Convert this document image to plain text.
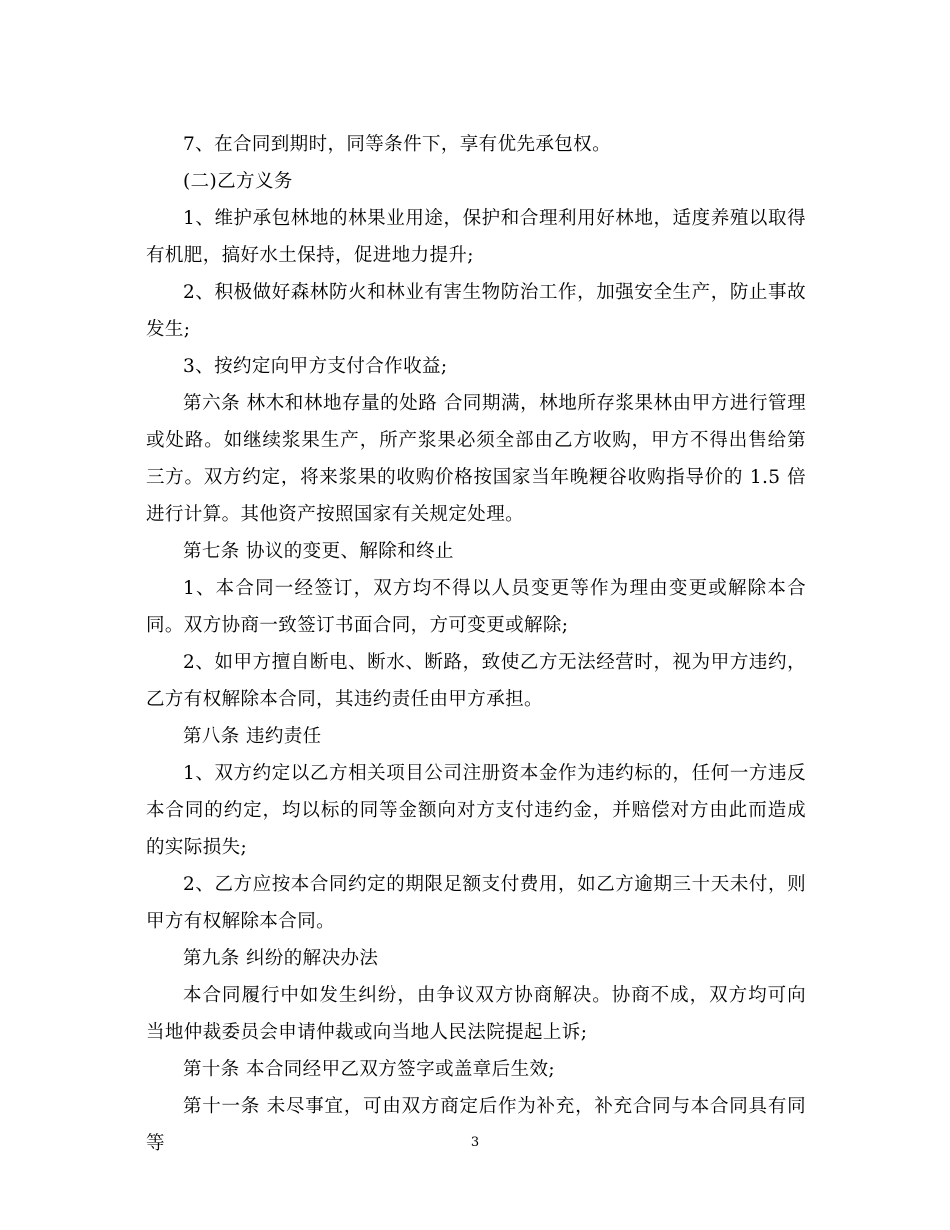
7、在合同到期时，同等条件下，享有优先承包权。

(二)乙方义务

1、维护承包林地的林果业用途，保护和合理利用好林地，适度养殖以取得有机肥，搞好水土保持，促进地力提升;

2、积极做好森林防火和林业有害生物防治工作，加强安全生产，防止事故发生;

3、按约定向甲方支付合作收益;

第六条 林木和林地存量的处路 合同期满，林地所存浆果林由甲方进行管理或处路。如继续浆果生产，所产浆果必须全部由乙方收购，甲方不得出售给第三方。双方约定，将来浆果的收购价格按国家当年晚粳谷收购指导价的 1.5 倍进行计算。其他资产按照国家有关规定处理。

第七条 协议的变更、解除和终止

1、本合同一经签订，双方均不得以人员变更等作为理由变更或解除本合同。双方协商一致签订书面合同，方可变更或解除;

2、如甲方擅自断电、断水、断路，致使乙方无法经营时，视为甲方违约，乙方有权解除本合同，其违约责任由甲方承担。

第八条 违约责任

1、双方约定以乙方相关项目公司注册资本金作为违约标的，任何一方违反本合同的约定，均以标的同等金额向对方支付违约金，并赔偿对方由此而造成的实际损失;

2、乙方应按本合同约定的期限足额支付费用，如乙方逾期三十天未付，则甲方有权解除本合同。

第九条 纠纷的解决办法

本合同履行中如发生纠纷，由争议双方协商解决。协商不成，双方均可向当地仲裁委员会申请仲裁或向当地人民法院提起上诉;

第十条 本合同经甲乙双方签字或盖章后生效;

第十一条 未尽事宜，可由双方商定后作为补充，补充合同与本合同具有同等	3
